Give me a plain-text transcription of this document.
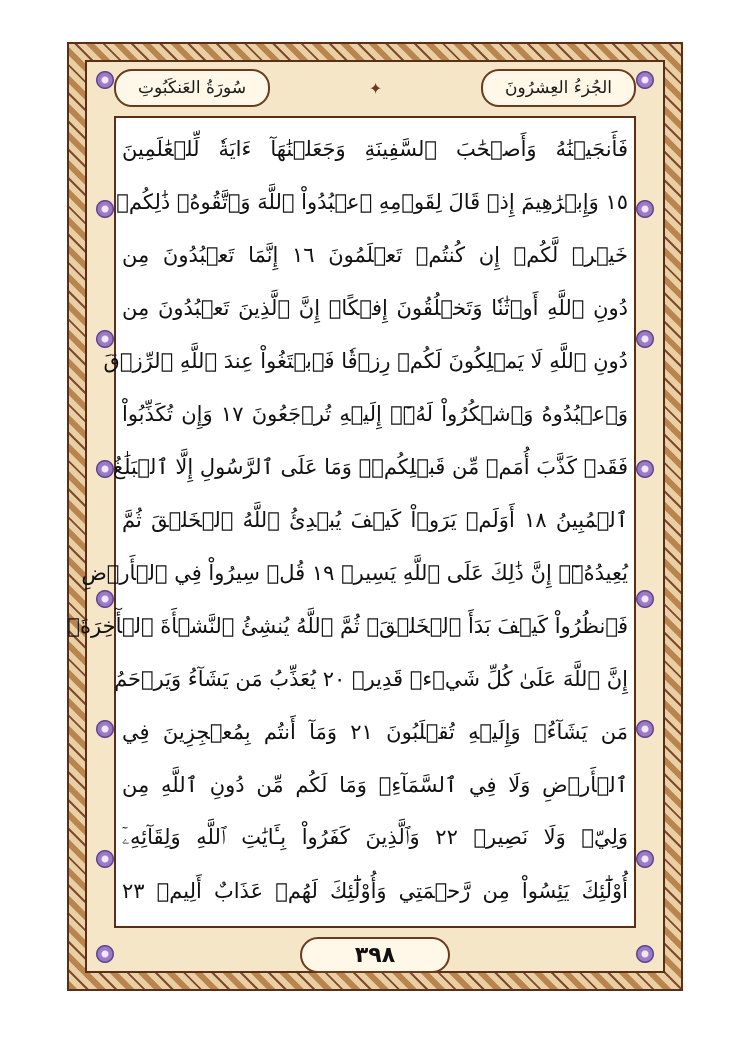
سُورَةُ العَنكَبُوتِ	✦	الجُزءُ العِشرُونَ
فَأَنجَيۡنَٰهُ وَأَصۡحَٰبَ ٱلسَّفِينَةِ وَجَعَلۡنَٰهَآ ءَايَةٗ لِّلۡعَٰلَمِينَ
١٥ وَإِبۡرَٰهِيمَ إِذۡ قَالَ لِقَوۡمِهِ ٱعۡبُدُواْ ٱللَّهَ وَٱتَّقُوهُۖ ذَٰلِكُمۡ
خَيۡرٞ لَّكُمۡ إِن كُنتُمۡ تَعۡلَمُونَ ١٦ إِنَّمَا تَعۡبُدُونَ مِن
دُونِ ٱللَّهِ أَوۡثَٰنٗا وَتَخۡلُقُونَ إِفۡكًاۚ إِنَّ ٱلَّذِينَ تَعۡبُدُونَ مِن
دُونِ ٱللَّهِ لَا يَمۡلِكُونَ لَكُمۡ رِزۡقٗا فَٱبۡتَغُواْ عِندَ ٱللَّهِ ٱلرِّزۡقَ
وَٱعۡبُدُوهُ وَٱشۡكُرُواْ لَهُۥٓۖ إِلَيۡهِ تُرۡجَعُونَ ١٧ وَإِن تُكَذِّبُواْ
فَقَدۡ كَذَّبَ أُمَمٞ مِّن قَبۡلِكُمۡۖ وَمَا عَلَى ٱلرَّسُولِ إِلَّا ٱلۡبَلَٰغُ
ٱلۡمُبِينُ ١٨ أَوَلَمۡ يَرَوۡاْ كَيۡفَ يُبۡدِئُ ٱللَّهُ ٱلۡخَلۡقَ ثُمَّ
يُعِيدُهُۥٓۚ إِنَّ ذَٰلِكَ عَلَى ٱللَّهِ يَسِيرٞ ١٩ قُلۡ سِيرُواْ فِي ٱلۡأَرۡضِ
فَٱنظُرُواْ كَيۡفَ بَدَأَ ٱلۡخَلۡقَۚ ثُمَّ ٱللَّهُ يُنشِئُ ٱلنَّشۡأَةَ ٱلۡأٓخِرَةَۚ
إِنَّ ٱللَّهَ عَلَىٰ كُلِّ شَيۡءٖ قَدِيرٞ ٢٠ يُعَذِّبُ مَن يَشَآءُ وَيَرۡحَمُ
مَن يَشَآءُۖ وَإِلَيۡهِ تُقۡلَبُونَ ٢١ وَمَآ أَنتُم بِمُعۡجِزِينَ فِي
ٱلۡأَرۡضِ وَلَا فِي ٱلسَّمَآءِۖ وَمَا لَكُم مِّن دُونِ ٱللَّهِ مِن
وَلِيّٖ وَلَا نَصِيرٖ ٢٢ وَٱلَّذِينَ كَفَرُواْ بِـَٔايَٰتِ ٱللَّهِ وَلِقَآئِهِۦٓ
أُوْلَٰٓئِكَ يَئِسُواْ مِن رَّحۡمَتِي وَأُوْلَٰٓئِكَ لَهُمۡ عَذَابٌ أَلِيمٞ ٢٣
٣٩٨
